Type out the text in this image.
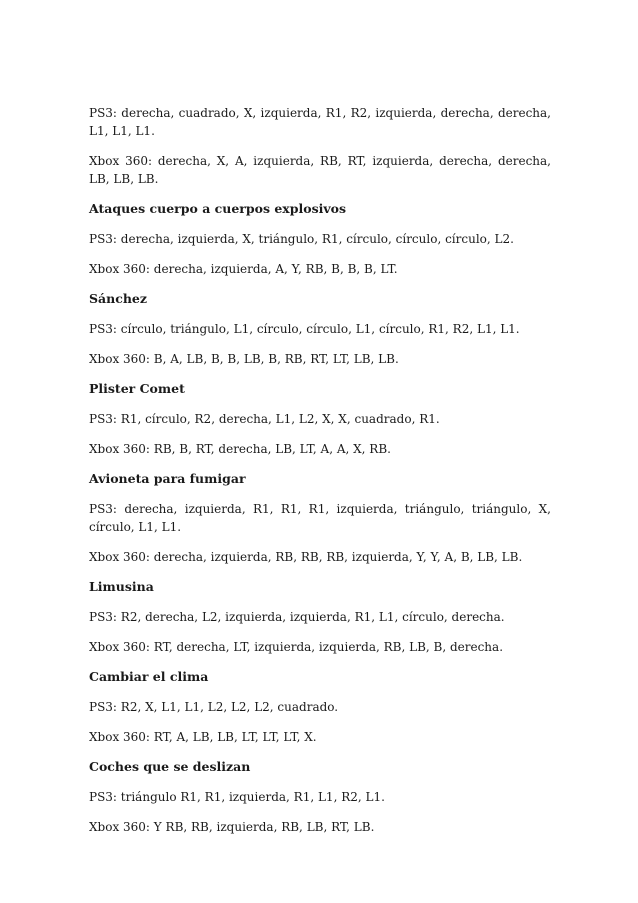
PS3: derecha, cuadrado, X, izquierda, R1, R2, izquierda, derecha, derecha, L1, L1, L1.

Xbox 360: derecha, X, A, izquierda, RB, RT, izquierda, derecha, derecha, LB, LB, LB.

Ataques cuerpo a cuerpos explosivos

PS3: derecha, izquierda, X, triángulo, R1, círculo, círculo, círculo, L2.

Xbox 360: derecha, izquierda, A, Y, RB, B, B, B, LT.

Sánchez

PS3: círculo, triángulo, L1, círculo, círculo, L1, círculo, R1, R2, L1, L1.

Xbox 360: B, A, LB, B, B, LB, B, RB, RT, LT, LB, LB.

Plister Comet

PS3: R1, círculo, R2, derecha, L1, L2, X, X, cuadrado, R1.

Xbox 360: RB, B, RT, derecha, LB, LT, A, A, X, RB.

Avioneta para fumigar

PS3: derecha, izquierda, R1, R1, R1, izquierda, triángulo, triángulo, X, círculo, L1, L1.

Xbox 360: derecha, izquierda, RB, RB, RB, izquierda, Y, Y, A, B, LB, LB.

Limusina

PS3: R2, derecha, L2, izquierda, izquierda, R1, L1, círculo, derecha.

Xbox 360: RT, derecha, LT, izquierda, izquierda, RB, LB, B, derecha.

Cambiar el clima

PS3: R2, X, L1, L1, L2, L2, L2, cuadrado.

Xbox 360: RT, A, LB, LB, LT, LT, LT, X.

Coches que se deslizan

PS3: triángulo R1, R1, izquierda, R1, L1, R2, L1.

Xbox 360: Y RB, RB, izquierda, RB, LB, RT, LB.
